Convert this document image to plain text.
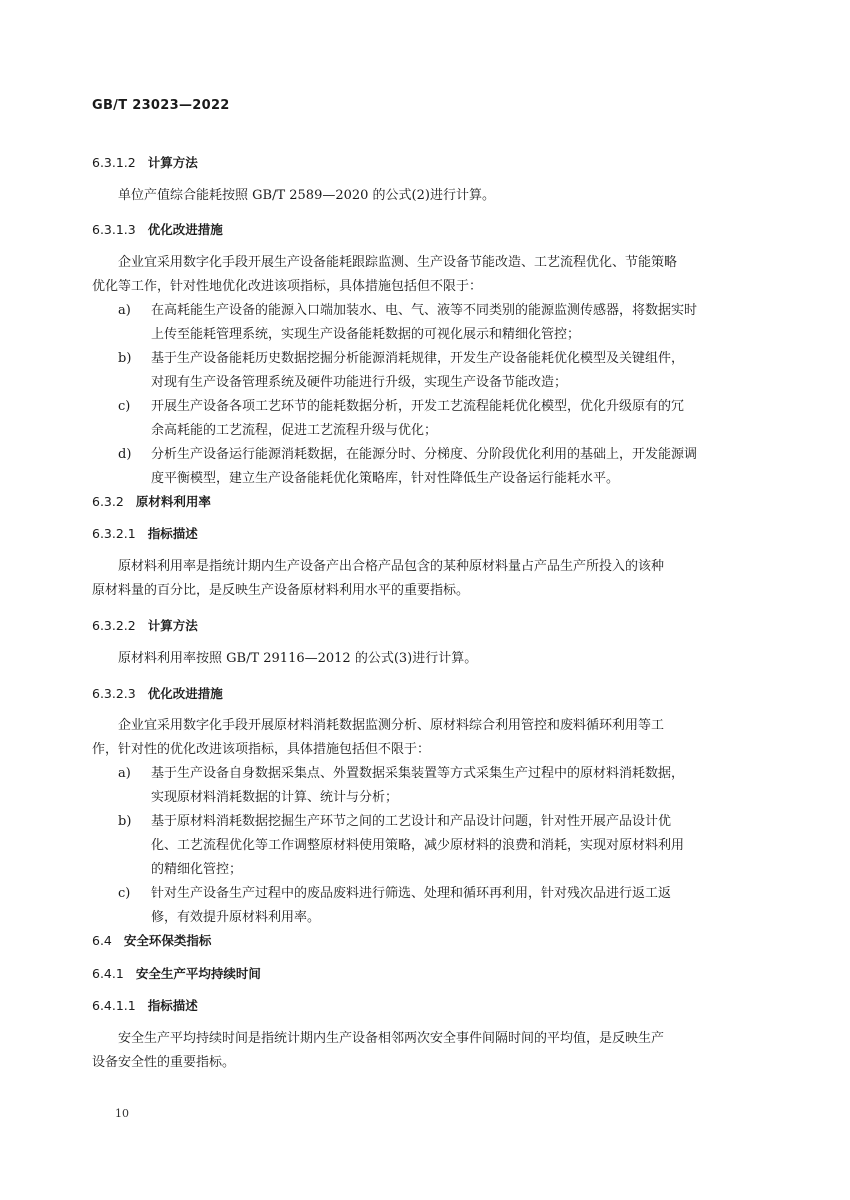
GB/T 23023—2022
6.3.1.2 计算方法
单位产值综合能耗按照 GB/T 2589—2020 的公式(2)进行计算。
6.3.1.3 优化改进措施
企业宜采用数字化手段开展生产设备能耗跟踪监测、生产设备节能改造、工艺流程优化、节能策略
优化等工作，针对性地优化改进该项指标，具体措施包括但不限于：
a)	在高耗能生产设备的能源入口端加装水、电、气、液等不同类别的能源监测传感器，将数据实时
上传至能耗管理系统，实现生产设备能耗数据的可视化展示和精细化管控；
b)	基于生产设备能耗历史数据挖掘分析能源消耗规律，开发生产设备能耗优化模型及关键组件，
对现有生产设备管理系统及硬件功能进行升级，实现生产设备节能改造；
c)	开展生产设备各项工艺环节的能耗数据分析，开发工艺流程能耗优化模型，优化升级原有的冗
余高耗能的工艺流程，促进工艺流程升级与优化；
d)	分析生产设备运行能源消耗数据，在能源分时、分梯度、分阶段优化利用的基础上，开发能源调
度平衡模型，建立生产设备能耗优化策略库，针对性降低生产设备运行能耗水平。
6.3.2 原材料利用率
6.3.2.1 指标描述
原材料利用率是指统计期内生产设备产出合格产品包含的某种原材料量占产品生产所投入的该种
原材料量的百分比，是反映生产设备原材料利用水平的重要指标。
6.3.2.2 计算方法
原材料利用率按照 GB/T 29116—2012 的公式(3)进行计算。
6.3.2.3 优化改进措施
企业宜采用数字化手段开展原材料消耗数据监测分析、原材料综合利用管控和废料循环利用等工
作，针对性的优化改进该项指标，具体措施包括但不限于：
a)	基于生产设备自身数据采集点、外置数据采集装置等方式采集生产过程中的原材料消耗数据，
实现原材料消耗数据的计算、统计与分析；
b)	基于原材料消耗数据挖掘生产环节之间的工艺设计和产品设计问题，针对性开展产品设计优
化、工艺流程优化等工作调整原材料使用策略，减少原材料的浪费和消耗，实现对原材料利用
的精细化管控；
c)	针对生产设备生产过程中的废品废料进行筛选、处理和循环再利用，针对残次品进行返工返
修，有效提升原材料利用率。
6.4 安全环保类指标
6.4.1 安全生产平均持续时间
6.4.1.1 指标描述
安全生产平均持续时间是指统计期内生产设备相邻两次安全事件间隔时间的平均值，是反映生产
设备安全性的重要指标。
10
